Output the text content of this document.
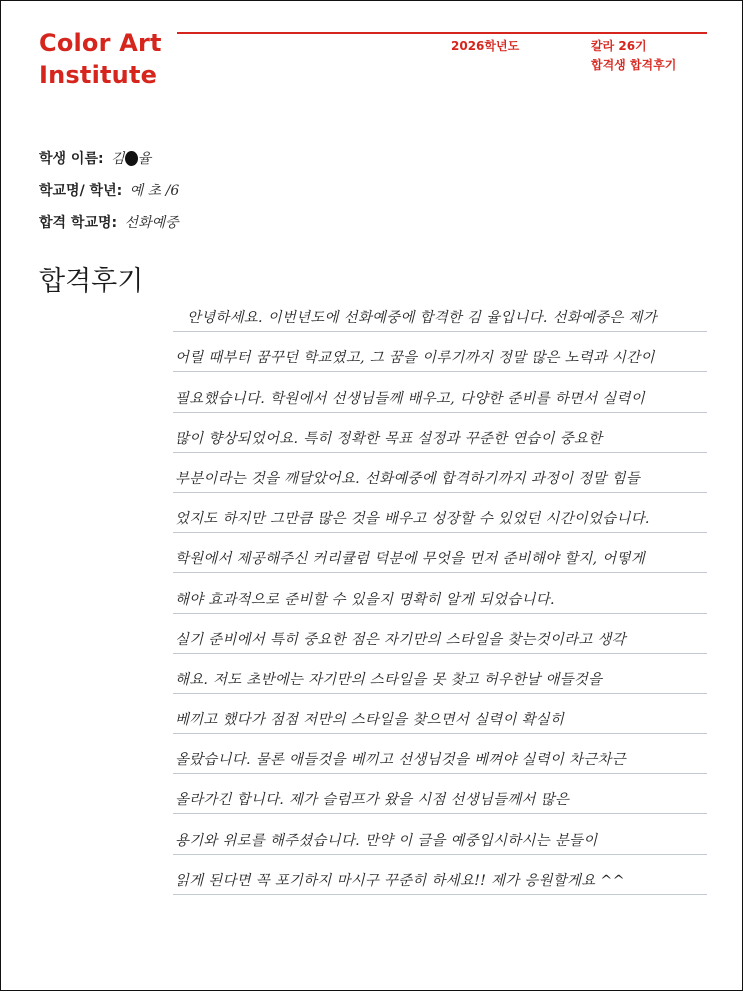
Color Art
Institute
2026학년도	칼라 26기
합격생 합격후기
학생 이름: 김 율
학교명/ 학년: 예 초 /6
합격 학교명: 선화예중
합격후기
안녕하세요. 이번년도에 선화예중에 합격한 김 율입니다. 선화예중은 제가
어릴 때부터 꿈꾸던 학교였고, 그 꿈을 이루기까지 정말 많은 노력과 시간이
필요했습니다. 학원에서 선생님들께 배우고, 다양한 준비를 하면서 실력이
많이 향상되었어요. 특히 정확한 목표 설정과 꾸준한 연습이 중요한
부분이라는 것을 깨달았어요. 선화예중에 합격하기까지 과정이 정말 힘들
었지도 하지만 그만큼 많은 것을 배우고 성장할 수 있었던 시간이었습니다.
학원에서 제공해주신 커리큘럼 덕분에 무엇을 먼저 준비해야 할지, 어떻게
해야 효과적으로 준비할 수 있을지 명확히 알게 되었습니다.
실기 준비에서 특히 중요한 점은 자기만의 스타일을 찾는것이라고 생각
해요. 저도 초반에는 자기만의 스타일을 못 찾고 허우한날 애들것을
베끼고 했다가 점점 저만의 스타일을 찾으면서 실력이 확실히
올랐습니다. 물론 애들것을 베끼고 선생님것을 베껴야 실력이 차근차근
올라가긴 합니다. 제가 슬럼프가 왔을 시점 선생님들께서 많은
용기와 위로를 해주셨습니다. 만약 이 글을 예중입시하시는 분들이
읽게 된다면 꼭 포기하지 마시구 꾸준히 하세요!! 제가 응원할게요 ^^
